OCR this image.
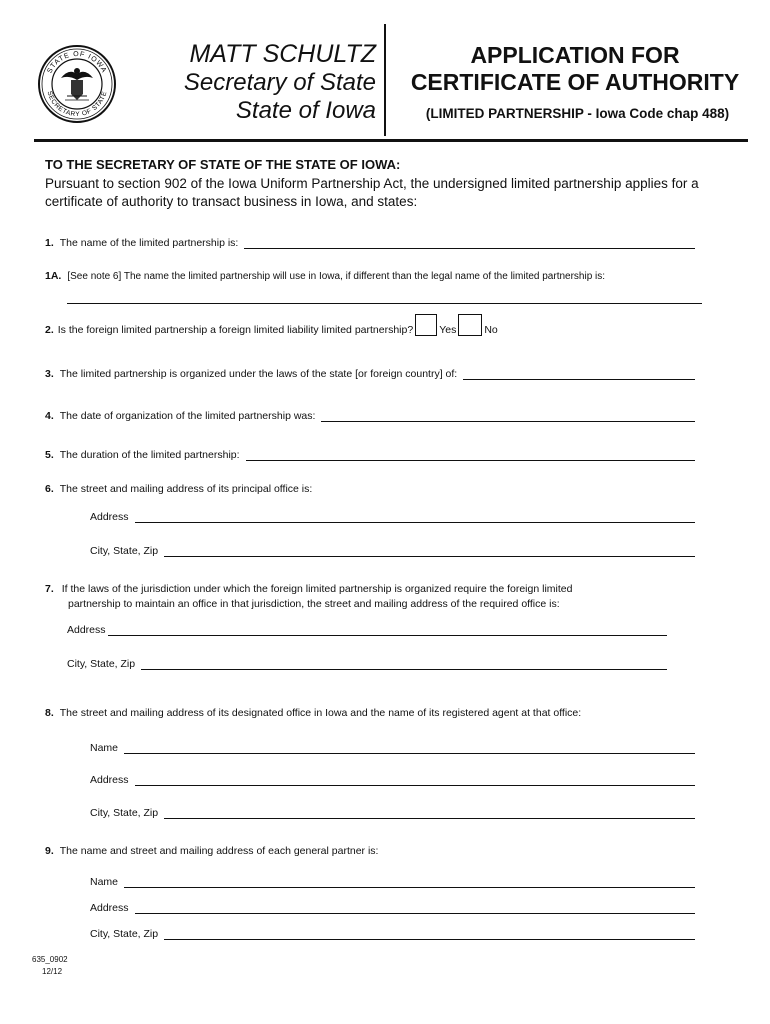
STATE OF IOWA
SECRETARY OF STATE
MATT SCHULTZ
Secretary of State
State of Iowa
APPLICATION FOR
CERTIFICATE OF AUTHORITY
(LIMITED PARTNERSHIP - Iowa Code chap 488)
TO THE SECRETARY OF STATE OF THE STATE OF IOWA:
Pursuant to section 902 of the Iowa Uniform Partnership Act, the undersigned limited partnership applies for a certificate of authority to transact business in Iowa, and states:
1. The name of the limited partnership is:
1A. [See note 6] The name the limited partnership will use in Iowa, if different than the legal name of the limited partnership is:
2. Is the foreign limited partnership a foreign limited liability limited partnership? Yes	No
3. The limited partnership is organized under the laws of the state [or foreign country] of:
4. The date of organization of the limited partnership was:
5. The duration of the limited partnership:
6. The street and mailing address of its principal office is:
Address
City, State, Zip
7. If the laws of the jurisdiction under which the foreign limited partnership is organized require the foreign limited
partnership to maintain an office in that jurisdiction, the street and mailing address of the required office is:
Address
City, State, Zip
8. The street and mailing address of its designated office in Iowa and the name of its registered agent at that office:
Name
Address
City, State, Zip
9. The name and street and mailing address of each general partner is:
Name
Address
City, State, Zip
635_0902
12/12
